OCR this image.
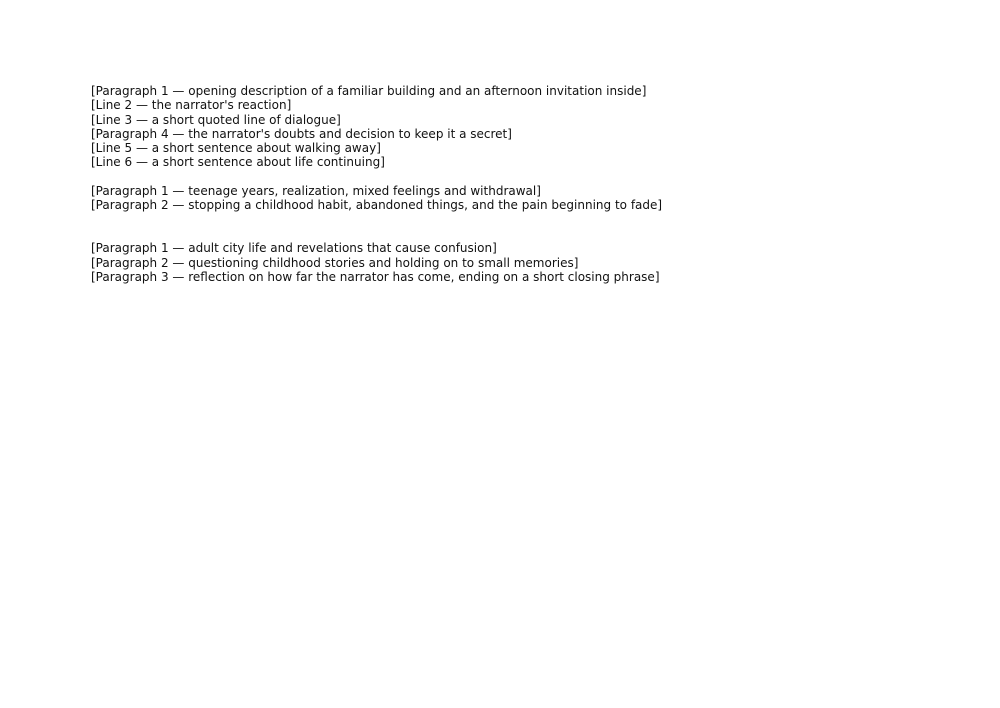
[Paragraph 1 — opening description of a familiar building and an afternoon invitation inside]

[Line 2 — the narrator's reaction]

[Line 3 — a short quoted line of dialogue]

[Paragraph 4 — the narrator's doubts and decision to keep it a secret]

[Line 5 — a short sentence about walking away]

[Line 6 — a short sentence about life continuing]

[Paragraph 1 — teenage years, realization, mixed feelings and withdrawal]

[Paragraph 2 — stopping a childhood habit, abandoned things, and the pain beginning to fade]

[Paragraph 1 — adult city life and revelations that cause confusion]

[Paragraph 2 — questioning childhood stories and holding on to small memories]

[Paragraph 3 — reflection on how far the narrator has come, ending on a short closing phrase]
